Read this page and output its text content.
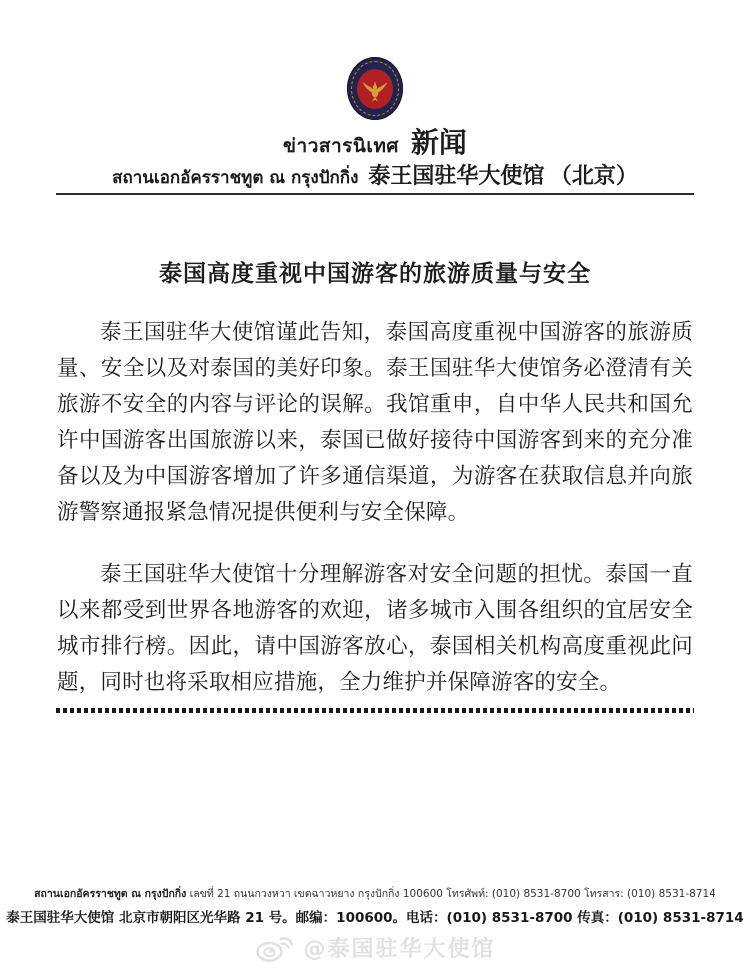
ข่าวสารนิเทศ 新闻
สถานเอกอัครราชทูต ณ กรุงปักกิ่ง 泰王国驻华大使馆 （北京）
泰国高度重视中国游客的旅游质量与安全

泰王国驻华大使馆谨此告知，泰国高度重视中国游客的旅游质量、安全以及对泰国的美好印象。泰王国驻华大使馆务必澄清有关旅游不安全的内容与评论的误解。我馆重申，自中华人民共和国允许中国游客出国旅游以来，泰国已做好接待中国游客到来的充分准备以及为中国游客增加了许多通信渠道，为游客在获取信息并向旅游警察通报紧急情况提供便利与安全保障。

泰王国驻华大使馆十分理解游客对安全问题的担忧。泰国一直以来都受到世界各地游客的欢迎，诸多城市入围各组织的宜居安全城市排行榜。因此，请中国游客放心，泰国相关机构高度重视此问题，同时也将采取相应措施，全力维护并保障游客的安全。

สถานเอกอัครราชทูต ณ กรุงปักกิ่ง เลขที่ 21 ถนนกวงหวา เขตฉาวหยาง กรุงปักกิ่ง 100600 โทรศัพท์: (010) 8531-8700 โทรสาร: (010) 8531-8714
泰王国驻华大使馆 北京市朝阳区光华路 21 号。邮编：100600。电话：(010) 8531-8700 传真：(010) 8531-8714
@泰国驻华大使馆
